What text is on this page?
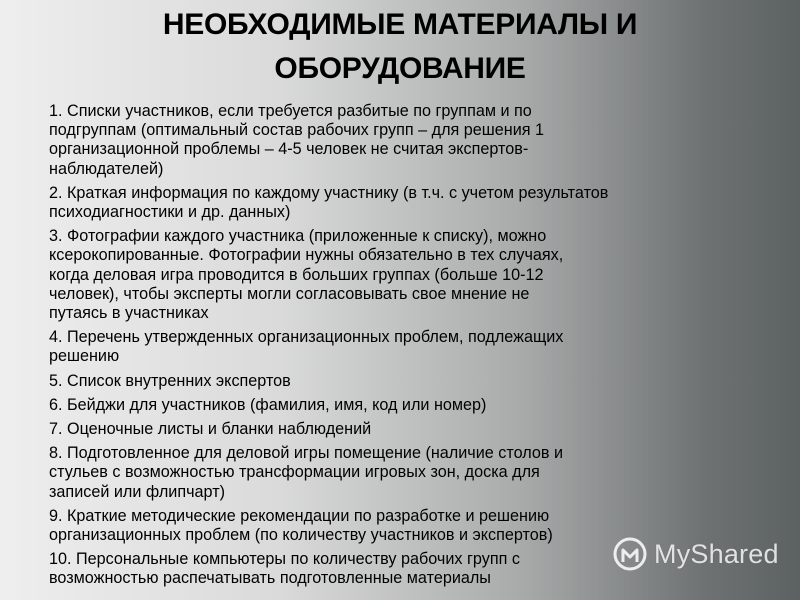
НЕОБХОДИМЫЕ МАТЕРИАЛЫ И
ОБОРУДОВАНИЕ
1. Списки участников, если требуется разбитые по группам и по
подгруппам (оптимальный состав рабочих групп – для решения 1
организационной проблемы – 4-5 человек не считая экспертов-
наблюдателей)
2. Краткая информация по каждому участнику (в т.ч. с учетом результатов
психодиагностики и др. данных)
3. Фотографии каждого участника (приложенные к списку), можно
ксерокопированные. Фотографии нужны обязательно в тех случаях,
когда деловая игра проводится в больших группах (больше 10-12
человек), чтобы эксперты могли согласовывать свое мнение не
путаясь в участниках
4. Перечень утвержденных организационных проблем, подлежащих
решению
5. Список внутренних экспертов
6. Бейджи для участников (фамилия, имя, код или номер)
7. Оценочные листы и бланки наблюдений
8. Подготовленное для деловой игры помещение (наличие столов и
стульев с возможностью трансформации игровых зон, доска для
записей или флипчарт)
9. Краткие методические рекомендации по разработке и решению
организационных проблем (по количеству участников и экспертов)
10. Персональные компьютеры по количеству рабочих групп с
возможностью распечатывать подготовленные материалы
MyShared
